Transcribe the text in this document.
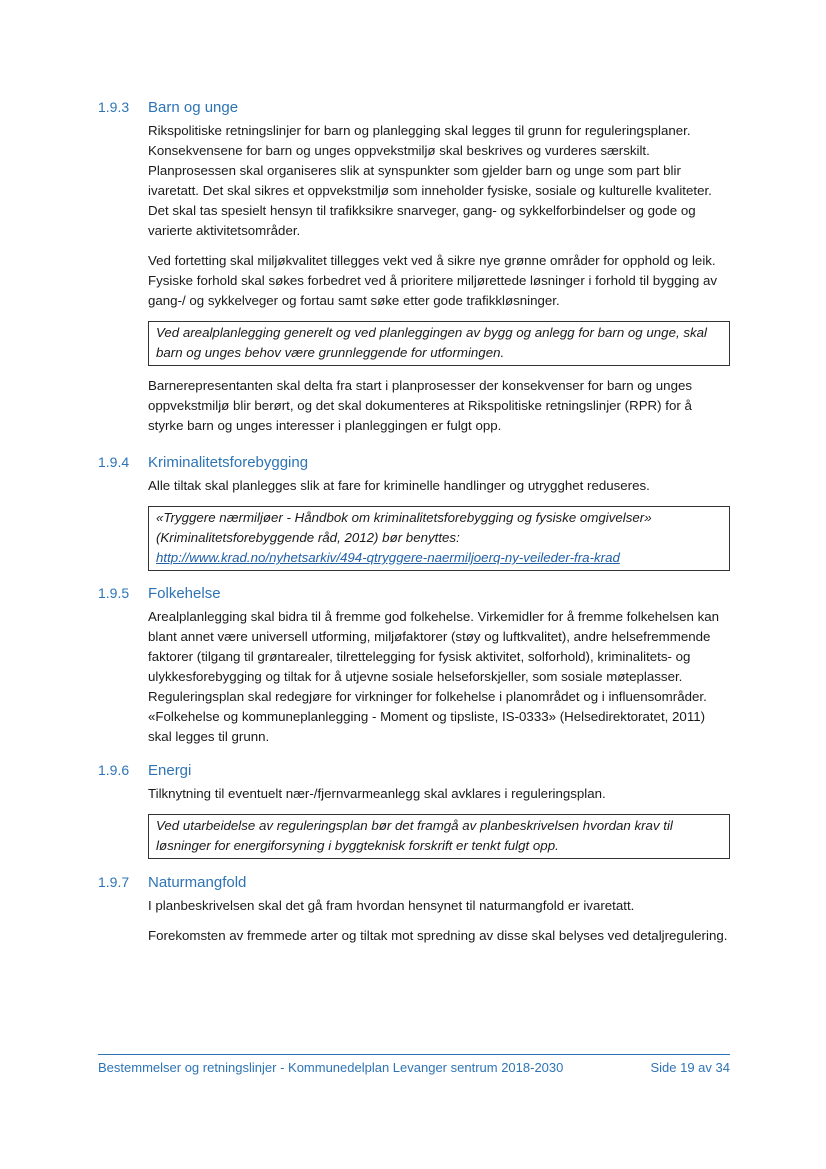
1.9.3	Barn og unge

Rikspolitiske retningslinjer for barn og planlegging skal legges til grunn for reguleringsplaner. Konsekvensene for barn og unges oppvekstmiljø skal beskrives og vurderes særskilt. Planprosessen skal organiseres slik at synspunkter som gjelder barn og unge som part blir ivaretatt. Det skal sikres et oppvekstmiljø som inneholder fysiske, sosiale og kulturelle kvaliteter. Det skal tas spesielt hensyn til trafikksikre snarveger, gang- og sykkelforbindelser og gode og varierte aktivitetsområder.

Ved fortetting skal miljøkvalitet tillegges vekt ved å sikre nye grønne områder for opphold og leik. Fysiske forhold skal søkes forbedret ved å prioritere miljørettede løsninger i forhold til bygging av gang-/ og sykkelveger og fortau samt søke etter gode trafikkløsninger.

Ved arealplanlegging generelt og ved planleggingen av bygg og anlegg for barn og unge, skal barn og unges behov være grunnleggende for utformingen.

Barnerepresentanten skal delta fra start i planprosesser der konsekvenser for barn og unges oppvekstmiljø blir berørt, og det skal dokumenteres at Rikspolitiske retningslinjer (RPR) for å styrke barn og unges interesser i planleggingen er fulgt opp.

1.9.4	Kriminalitetsforebygging

Alle tiltak skal planlegges slik at fare for kriminelle handlinger og utrygghet reduseres.

«Tryggere nærmiljøer - Håndbok om kriminalitetsforebygging og fysiske omgivelser» (Kriminalitetsforebyggende råd, 2012) bør benyttes:
http://www.krad.no/nyhetsarkiv/494-qtryggere-naermiljoerq-ny-veileder-fra-krad
1.9.5	Folkehelse

Arealplanlegging skal bidra til å fremme god folkehelse. Virkemidler for å fremme folkehelsen kan blant annet være universell utforming, miljøfaktorer (støy og luftkvalitet), andre helsefremmende faktorer (tilgang til grøntarealer, tilrettelegging for fysisk aktivitet, solforhold), kriminalitets- og ulykkesforebygging og tiltak for å utjevne sosiale helseforskjeller, som sosiale møteplasser. Reguleringsplan skal redegjøre for virkninger for folkehelse i planområdet og i influensområder. «Folkehelse og kommuneplanlegging - Moment og tipsliste, IS-0333» (Helsedirektoratet, 2011) skal legges til grunn.

1.9.6	Energi

Tilknytning til eventuelt nær-/fjernvarmeanlegg skal avklares i reguleringsplan.

Ved utarbeidelse av reguleringsplan bør det framgå av planbeskrivelsen hvordan krav til løsninger for energiforsyning i byggteknisk forskrift er tenkt fulgt opp.
1.9.7	Naturmangfold

I planbeskrivelsen skal det gå fram hvordan hensynet til naturmangfold er ivaretatt.

Forekomsten av fremmede arter og tiltak mot spredning av disse skal belyses ved detaljregulering.

Bestemmelser og retningslinjer - Kommunedelplan Levanger sentrum 2018-2030	Side 19 av 34
